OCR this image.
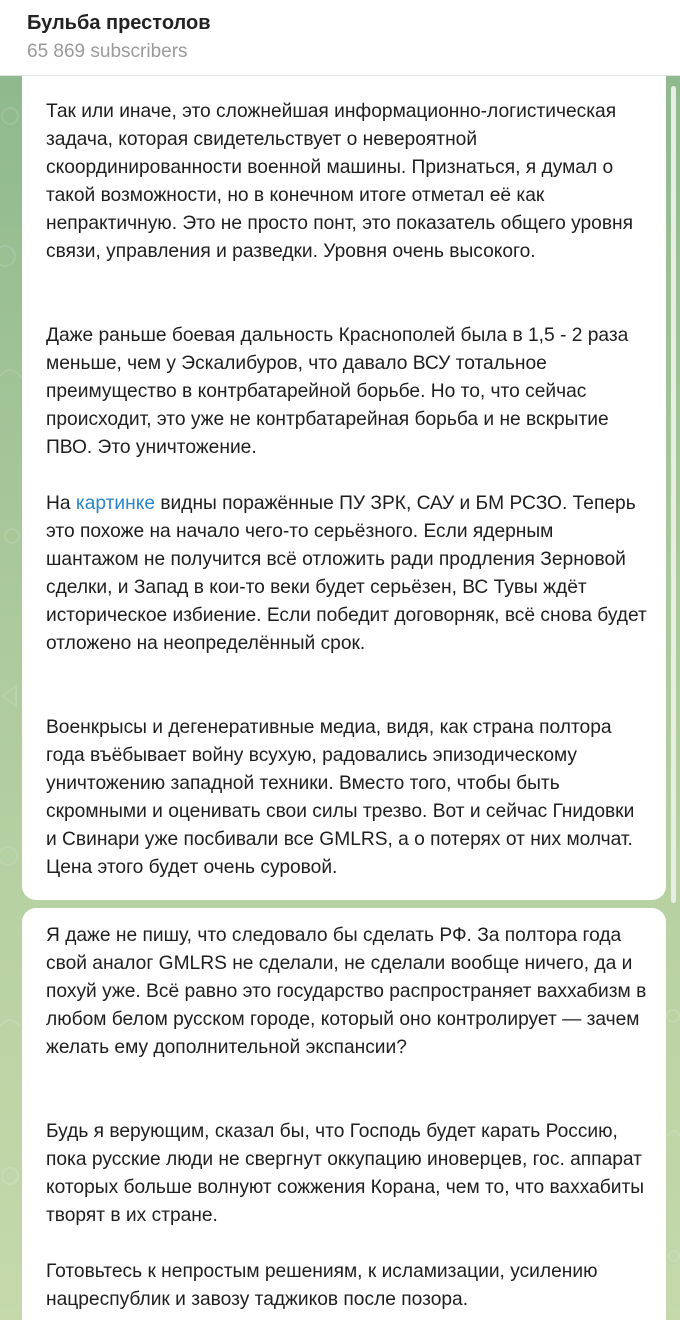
Бульба престолов
65 869 subscribers

Так или иначе, это сложнейшая информационно-логистическая задача, которая свидетельствует о невероятной скоординированности военной машины. Признаться, я думал о такой возможности, но в конечном итоге отметал её как непрактичную. Это не просто понт, это показатель общего уровня связи, управления и разведки. Уровня очень высокого.

Даже раньше боевая дальность Краснополей была в 1,5 - 2 раза меньше, чем у Эскалибуров, что давало ВСУ тотальное преимущество в контрбатарейной борьбе. Но то, что сейчас происходит, это уже не контрбатарейная борьба и не вскрытие ПВО. Это уничтожение.

На картинке видны поражённые ПУ ЗРК, САУ и БМ РСЗО. Теперь это похоже на начало чего-то серьёзного. Если ядерным шантажом не получится всё отложить ради продления Зерновой сделки, и Запад в кои-то веки будет серьёзен, ВС Тувы ждёт историческое избиение. Если победит договорняк, всё снова будет отложено на неопределённый срок.

Военкрысы и дегенеративные медиа, видя, как страна полтора года въёбывает войну всухую, радовались эпизодическому уничтожению западной техники. Вместо того, чтобы быть скромными и оценивать свои силы трезво. Вот и сейчас Гнидовки и Свинари уже посбивали все GMLRS, а о потерях от них молчат. Цена этого будет очень суровой.

Я даже не пишу, что следовало бы сделать РФ. За полтора года свой аналог GMLRS не сделали, не сделали вообще ничего, да и похуй уже. Всё равно это государство распространяет ваххабизм в любом белом русском городе, который оно контролирует — зачем желать ему дополнительной экспансии?

Будь я верующим, сказал бы, что Господь будет карать Россию, пока русские люди не свергнут оккупацию иноверцев, гос. аппарат которых больше волнуют сожжения Корана, чем то, что ваххабиты творят в их стране.

Готовьтесь к непростым решениям, к исламизации, усилению нацреспублик и завозу таджиков после позора.
